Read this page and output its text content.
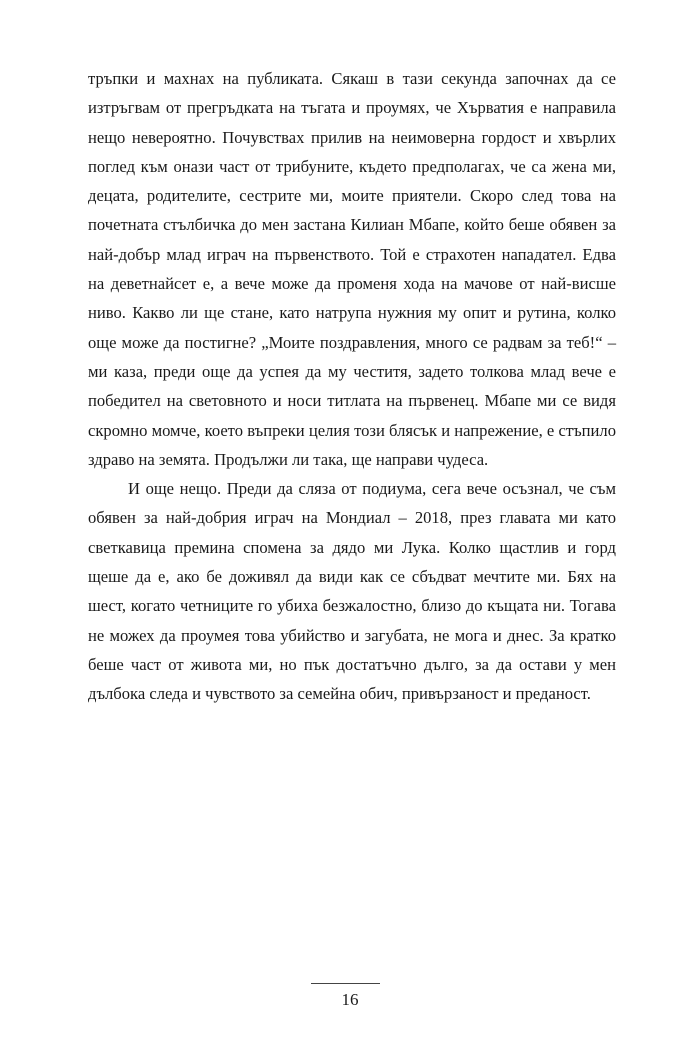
тръпки и махнах на публиката. Сякаш в тази секунда започнах да се изтръгвам от прегръдката на тъгата и проумях, че Хърватия е направила нещо невероятно. Почувствах прилив на неимоверна гордост и хвърлих поглед към онази част от трибуните, където предполагах, че са жена ми, децата, родителите, сестрите ми, моите приятели. Скоро след това на почетната стълбичка до мен застана Килиан Мбапе, който беше обявен за най-добър млад играч на първенството. Той е страхотен нападател. Едва на деветнайсет е, а вече може да променя хода на мачове от най-висше ниво. Какво ли ще стане, като натрупа нужния му опит и рутина, колко още може да постигне? „Моите поздравления, много се радвам за теб!“ – ми каза, преди още да успея да му честитя, задето толкова млад вече е победител на световното и носи титлата на първенец. Мбапе ми се видя скромно момче, което въпреки целия този блясък и напрежение, е стъпило здраво на земята. Продължи ли така, ще направи чудеса.

И още нещо. Преди да сляза от подиума, сега вече осъзнал, че съм обявен за най-добрия играч на Мондиал – 2018, през главата ми като светкавица премина спомена за дядо ми Лука. Колко щастлив и горд щеше да е, ако бе доживял да види как се сбъдват мечтите ми. Бях на шест, когато четниците го убиха безжалостно, близо до къщата ни. Тогава не можех да проумея това убийство и загубата, не мога и днес. За кратко беше част от живота ми, но пък достатъчно дълго, за да остави у мен дълбока следа и чувството за семейна обич, привързаност и преданост.

16
